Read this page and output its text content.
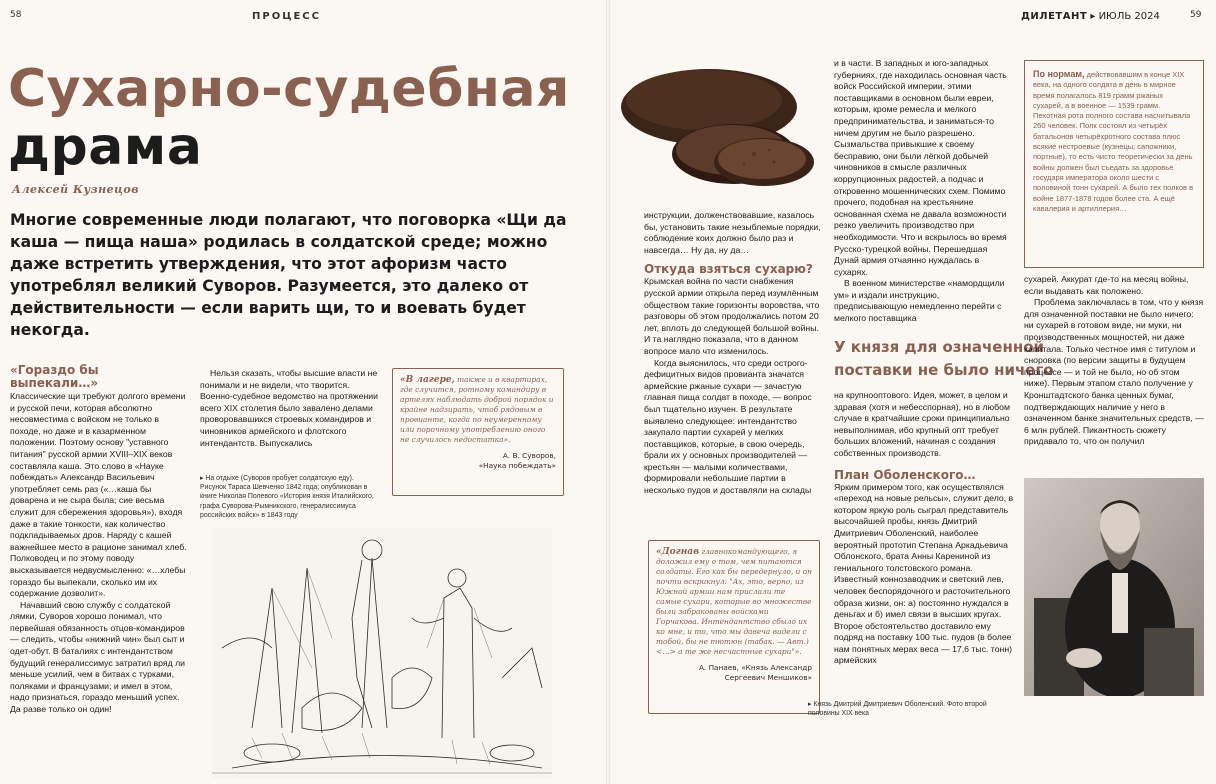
58	ПРОЦЕСС
Сухарно-судебная
драма
Алексей Кузнецов
Многие современные люди полагают, что поговорка «Щи да каша — пища наша» родилась в солдатской среде; можно даже встретить утверждения, что этот афоризм часто употреблял великий Суворов. Разумеется, это далеко от действительности — если варить щи, то и воевать будет некогда.
«Гораздо бы выпекали…»

Классические щи требуют долгого времени и русской печи, которая абсолютно несовместима с войском не только в походе, но даже и в казарменном положении. Поэтому основу "уставного питания" русской армии XVIII–XIX веков составляла каша. Это слово в «Науке побеждать» Александр Васильевич употребляет семь раз («…каша бы доварена и не сыра была; сие весьма служит для сбережения здоровья»), входя даже в такие тонкости, как количество подкладываемых дров. Наряду с кашей важнейшее место в рационе занимал хлеб. Полководец и по этому поводу высказывается недвусмысленно: «…хлебы гораздо бы выпекали, сколько им их содержание дозволит».

Начавший свою службу с солдатской лямки, Суворов хорошо понимал, что первейшая обязанность отцов-командиров — следить, чтобы «нижний чин» был сыт и одет-обут. В баталиях с интендантством будущий генералиссимус затратил вряд ли меньше усилий, чем в битвах с турками, поляками и французами; и имел в этом, надо признаться, гораздо меньший успех. Да разве только он один!

Нельзя сказать, чтобы высшие власти не понимали и не видели, что творится. Военно-судебное ведомство на протяжении всего XIX столетия было завалено делами проворовавшихся строевых командиров и чиновников армейского и флотского интендантств. Выпускались

«В лагере, также и в квартирах, где случится, ротному командиру в артелях наблюдать доброй порядок и крайне надзирать, чтоб рядовым в провианте, когда по неумеренному или порочному употреблению оного не случилось недостатка».
А. В. Суворов,
«Наука побеждать»
▸ На отдыхе (Суворов пробует солдатскую еду). Рисунок Тараса Шевченко 1842 года; опубликован в книге Николая Полевого «История князя Италийского, графа Суворова-Рымникского, генералиссимуса российских войск» в 1843 году
ДИЛЕТАНТ ▸ ИЮЛЬ 2024	59

инструкции, долженствовавшие, казалось бы, установить такие незыблемые порядки, соблюдение коих должно было раз и навсегда… Ну да, ну да…

Откуда взяться сухарю?

Крымская война по части снабжения русской армии открыла перед изумлённым обществом такие горизонты воровства, что разговоры об этом продолжались потом 20 лет, вплоть до следующей большой войны. И та наглядно показала, что в данном вопросе мало что изменилось.

Когда выяснилось, что среди острогодефицитных видов провианта значатся армейские ржаные сухари — зачастую главная пища солдат в походе, — вопрос был тщательно изучен. В результате выявлено следующее: интендантство закупало партии сухарей у мелких поставщиков, которые, в свою очередь, брали их у основных производителей — крестьян — малыми количествами, формировали небольшие партии в несколько пудов и доставляли на склады

«Догнав главнокомандующего, я доложил ему о том, чем питаются солдаты. Его как бы передернуло, и он почти вскрикнул: "Ах, это, верно, из Южной армии нам прислали те самые сухари, которые во множестве были забракованы войсками Горчакова. Интендантство сбыло их ко мне, и то, что мы давеча видели с тобой, бы не тютюн (табак. — Авт.) <…> а те же несчастные сухари"».
А. Панаев, «Князь Александр
Сергеевич Меншиков»

и в части. В западных и юго-западных губерниях, где находилась основная часть войск Российской империи, этими поставщиками в основном были евреи, которым, кроме ремесла и мелкого предпринимательства, и заниматься-то ничем другим не было разрешено. Сызмальства привыкшие к своему бесправию, они были лёгкой добычей чиновников в смысле различных коррупционных радостей, а подчас и откровенно мошеннических схем. Помимо прочего, подобная на крестьянине основанная схема не давала возможности резко увеличить производство при необходимости. Что и вскрылось во время Русско-турецкой войны. Перешедшая Дунай армия отчаянно нуждалась в сухарях.

В военном министерстве «намордщили ум» и издали инструкцию, предписывающую немедленно перейти с мелкого поставщика

У князя для означенной
поставки не было ничего

на крупнооптового. Идея, может, в целом и здравая (хотя и небесспорная), но в любом случае в кратчайшие сроки принципиально невыполнимая, ибо крупный опт требует больших вложений, начиная с создания собственных производств.

План Оболенского…

Ярким примером того, как осуществлялся «переход на новые рельсы», служит дело, в котором яркую роль сыграл представитель высочайшей пробы, князь Дмитрий Дмитриевич Оболенский, наиболее вероятный прототип Степана Аркадьевича Облонского, брата Анны Карениной из гениального толстовского романа. Известный коннозаводчик и светский лев, человек беспорядочного и расточительного образа жизни, он: а) постоянно нуждался в деньгах и б) имел связи в высших кругах. Второе обстоятельство доставило ему подряд на поставку 100 тыс. пудов (в более нам понятных мерах веса — 17,6 тыс. тонн) армейских

По нормам, действовавшим в конце XIX века, на одного солдата в день в мирное время полагалось 819 грамм ржаных сухарей, а в военное — 1539 грамм. Пехотная рота полного состава насчитывала 260 человек. Полк состоял из четырёх батальонов четырёхротного состава плюс всякие нестроевые (кузнецы, сапожники, портные), то есть чисто теоретически за день войны должен был съедать за здоровье государя императора около шести с половиной тонн сухарей. А было тех полков в войне 1877-1878 годов более ста. А ещё кавалерия и артиллерия…

сухарей. Аккурат где-то на месяц войны, если выдавать как положено.

Проблема заключалась в том, что у князя для означенной поставки не было ничего: ни сухарей в готовом виде, ни муки, ни производственных мощностей, ни даже капитала. Только честное имя с титулом и сноровка (по версии защиты в будущем процессе — и той не было, но об этом ниже). Первым этапом стало получение у Кронштадтского банка ценных бумаг, подтверждающих наличие у него в означенном банке значительных средств, — 6 млн рублей. Пикантность сюжету придавало то, что он получил

▸ Князь Дмитрий Дмитриевич Оболенский. Фото второй половины XIX века
